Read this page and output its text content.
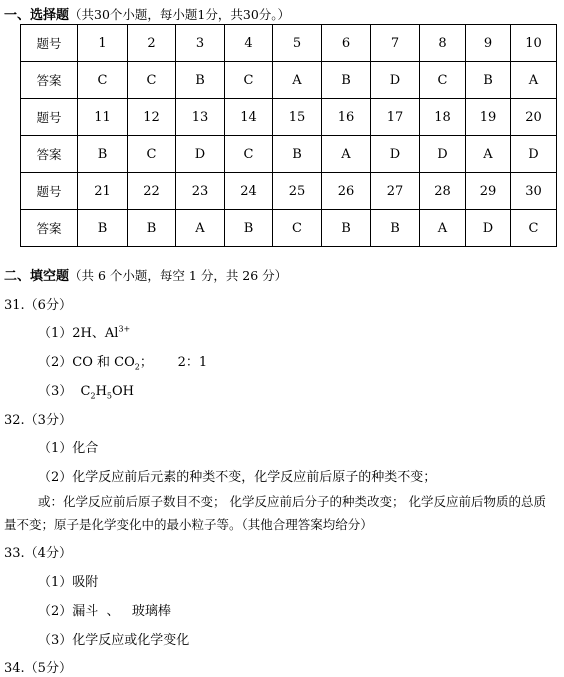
一、选择题（共30个小题，每小题1分，共30分。）
题号	1	2	3	4	5	6	7	8	9	10
答案	C	C	B	C	A	B	D	C	B	A
题号	11	12	13	14	15	16	17	18	19	20
答案	B	C	D	C	B	A	D	D	A	D
题号	21	22	23	24	25	26	27	28	29	30
答案	B	B	A	B	C	B	B	A	D	C
二、填空题（共 6 个小题，每空 1 分，共 26 分）
31.（6分）
（1）2H、$Al^{3+}$
（2）CO 和 $CO_2$；      2：1
（3）  $C_2H_5OH$
32.（3分）
（1）化合
（2）化学反应前后元素的种类不变，化学反应前后原子的种类不变；
或：化学反应前后原子数目不变； 化学反应前后分子的种类改变； 化学反应前后物质的总质量不变；原子是化学变化中的最小粒子等。（其他合理答案均给分）
33.（4分）
（1）吸附
（2）漏斗  、   玻璃棒
（3）化学反应或化学变化
34.（5分）
